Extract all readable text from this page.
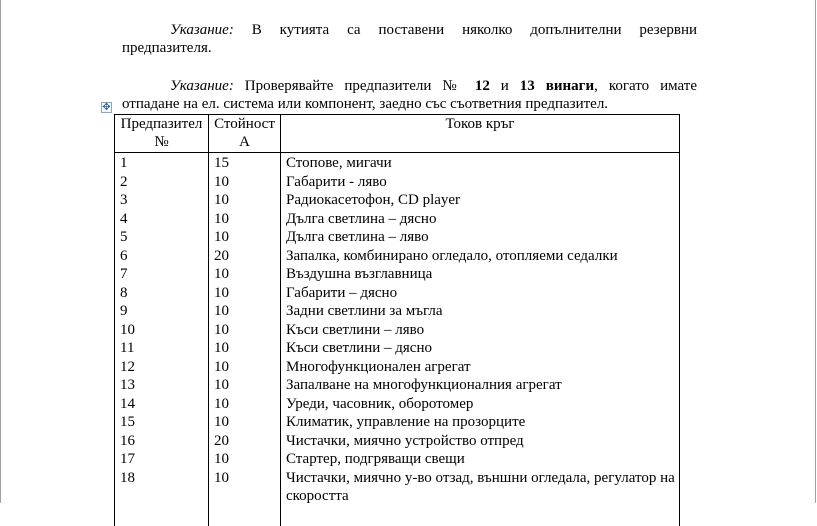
Указание: В кутията са поставени няколко допълнителни резервни
предпазителя.
Указание: Проверявайте предпазители № 12 и 13 винаги, когато имате
отпадане на ел. система или компонент, заедно със съответния предпазител.
✥
Предпазител №	Стойност А	Токов кръг
1	15	Стопове, мигачи
2	10	Габарити - ляво
3	10	Радиокасетофон, CD player
4	10	Дълга светлина – дясно
5	10	Дълга светлина – ляво
6	20	Запалка, комбинирано огледало, отопляеми седалки
7	10	Въздушна възглавница
8	10	Габарити – дясно
9	10	Задни светлини за мъгла
10	10	Къси светлини – ляво
11	10	Къси светлини – дясно
12	10	Многофункционален агрегат
13	10	Запалване на многофункционалния агрегат
14	10	Уреди, часовник, оборотомер
15	10	Климатик, управление на прозорците
16	20	Чистачки, миячно устройство отпред
17	10	Стартер, подгряващи свещи
18	10	Чистачки, миячно у-во отзад, външни огледала, регулатор на скоростта
